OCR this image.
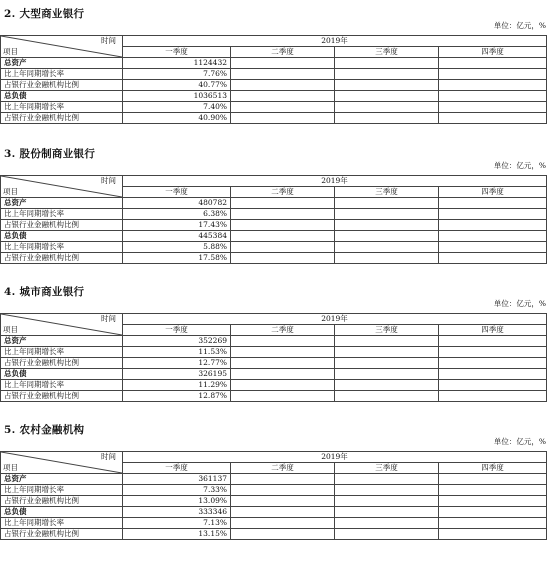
2. 大型商业银行
单位：亿元，%
时间
项目	2019年			
	一季度	二季度	三季度	四季度
总资产	1124432			
比上年同期增长率	7.76%			
占银行业金融机构比例	40.77%			
总负债	1036513			
比上年同期增长率	7.40%			
占银行业金融机构比例	40.90%			
3. 股份制商业银行
单位：亿元，%
时间
项目	2019年			
	一季度	二季度	三季度	四季度
总资产	480782			
比上年同期增长率	6.38%			
占银行业金融机构比例	17.43%			
总负债	445384			
比上年同期增长率	5.88%			
占银行业金融机构比例	17.58%			
4. 城市商业银行
单位：亿元，%
时间
项目	2019年			
	一季度	二季度	三季度	四季度
总资产	352269			
比上年同期增长率	11.53%			
占银行业金融机构比例	12.77%			
总负债	326195			
比上年同期增长率	11.29%			
占银行业金融机构比例	12.87%			
5. 农村金融机构
单位：亿元，%
时间
项目	2019年			
	一季度	二季度	三季度	四季度
总资产	361137			
比上年同期增长率	7.33%			
占银行业金融机构比例	13.09%			
总负债	333346			
比上年同期增长率	7.13%			
占银行业金融机构比例	13.15%			
